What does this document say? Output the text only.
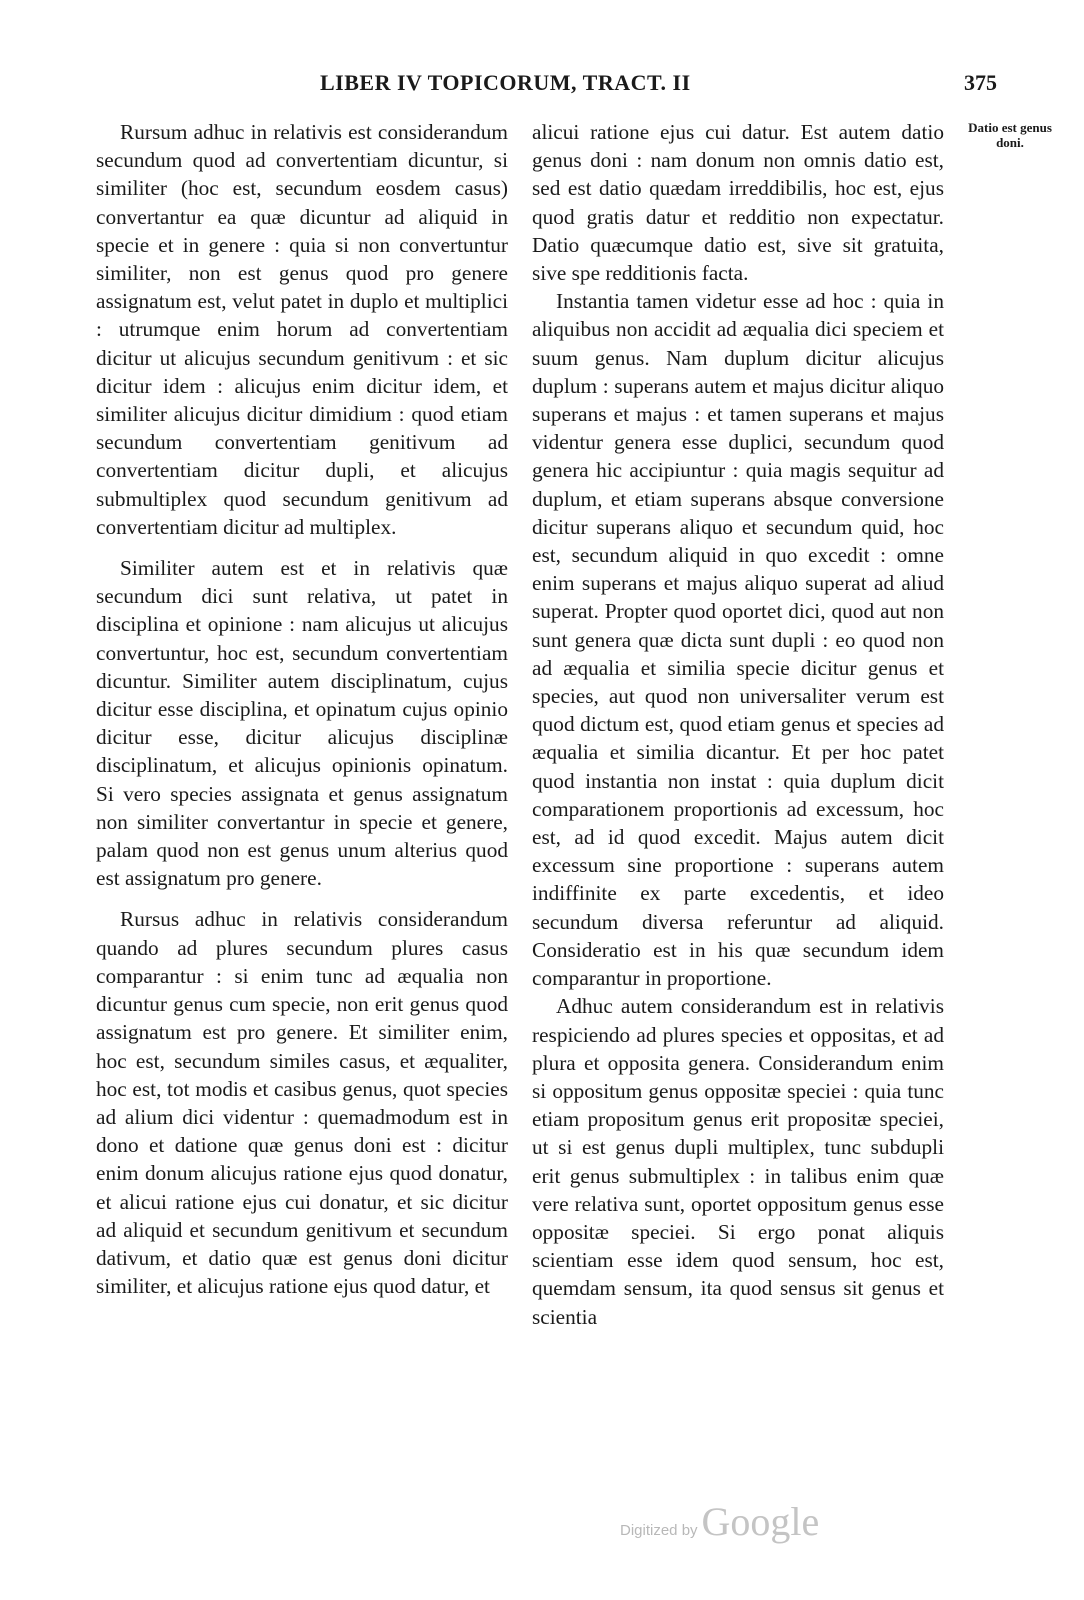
LIBER IV TOPICORUM, TRACT. II	375
Datio est genus doni.

Rursum adhuc in relativis est considerandum secundum quod ad convertentiam dicuntur, si similiter (hoc est, secundum eosdem casus) convertantur ea quæ dicuntur ad aliquid in specie et in genere : quia si non convertuntur similiter, non est genus quod pro genere assignatum est, velut patet in duplo et multiplici : utrumque enim horum ad convertentiam dicitur ut alicujus secundum genitivum : et sic dicitur idem : alicujus enim dicitur idem, et similiter alicujus dicitur dimidium : quod etiam secundum convertentiam genitivum ad convertentiam dicitur dupli, et alicujus submultiplex quod secundum genitivum ad convertentiam dicitur ad multiplex.

Similiter autem est et in relativis quæ secundum dici sunt relativa, ut patet in disciplina et opinione : nam alicujus ut alicujus convertuntur, hoc est, secundum convertentiam dicuntur. Similiter autem disciplinatum, cujus dicitur esse disciplina, et opinatum cujus opinio dicitur esse, dicitur alicujus disciplinæ disciplinatum, et alicujus opinionis opinatum. Si vero species assignata et genus assignatum non similiter convertantur in specie et genere, palam quod non est genus unum alterius quod est assignatum pro genere.

Rursus adhuc in relativis considerandum quando ad plures secundum plures casus comparantur : si enim tunc ad æqualia non dicuntur genus cum specie, non erit genus quod assignatum est pro genere. Et similiter enim, hoc est, secundum similes casus, et æqualiter, hoc est, tot modis et casibus genus, quot species ad alium dici videntur : quemadmodum est in dono et datione quæ genus doni est : dicitur enim donum alicujus ratione ejus quod donatur, et alicui ratione ejus cui donatur, et sic dicitur ad aliquid et secundum genitivum et secundum dativum, et datio quæ est genus doni dicitur similiter, et alicujus ratione ejus quod datur, et

alicui ratione ejus cui datur. Est autem datio genus doni : nam donum non omnis datio est, sed est datio quædam irreddibilis, hoc est, ejus quod gratis datur et redditio non expectatur. Datio quæcumque datio est, sive sit gratuita, sive spe redditionis facta.

Instantia tamen videtur esse ad hoc : quia in aliquibus non accidit ad æqualia dici speciem et suum genus. Nam duplum dicitur alicujus duplum : superans autem et majus dicitur aliquo superans et majus : et tamen superans et majus videntur genera esse duplici, secundum quod genera hic accipiuntur : quia magis sequitur ad duplum, et etiam superans absque conversione dicitur superans aliquo et secundum quid, hoc est, secundum aliquid in quo excedit : omne enim superans et majus aliquo superat ad aliud superat. Propter quod oportet dici, quod aut non sunt genera quæ dicta sunt dupli : eo quod non ad æqualia et similia specie dicitur genus et species, aut quod non universaliter verum est quod dictum est, quod etiam genus et species ad æqualia et similia dicantur. Et per hoc patet quod instantia non instat : quia duplum dicit comparationem proportionis ad excessum, hoc est, ad id quod excedit. Majus autem dicit excessum sine proportione : superans autem indiffinite ex parte excedentis, et ideo secundum diversa referuntur ad aliquid. Consideratio est in his quæ secundum idem comparantur in proportione.

Adhuc autem considerandum est in relativis respiciendo ad plures species et oppositas, et ad plura et opposita genera. Considerandum enim si oppositum genus oppositæ speciei : quia tunc etiam propositum genus erit propositæ speciei, ut si est genus dupli multiplex, tunc subdupli erit genus submultiplex : in talibus enim quæ vere relativa sunt, oportet oppositum genus esse oppositæ speciei. Si ergo ponat aliquis scientiam esse idem quod sensum, hoc est, quemdam sensum, ita quod sensus sit genus et scientia

Digitized by Google
